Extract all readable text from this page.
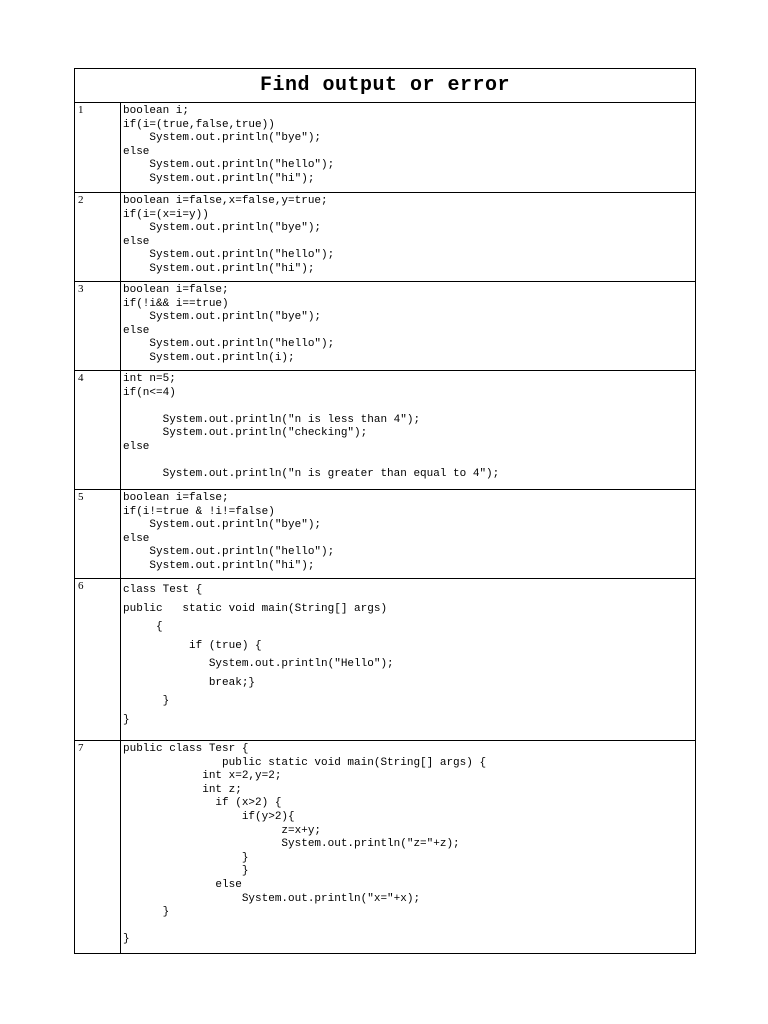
Find output or error
1	boolean i;
if(i=(true,false,true))
System.out.println("bye");
else
System.out.println("hello");
System.out.println("hi");
2	boolean i=false,x=false,y=true;
if(i=(x=i=y))
System.out.println("bye");
else
System.out.println("hello");
System.out.println("hi");
3	boolean i=false;
if(!i&& i==true)
System.out.println("bye");
else
System.out.println("hello");
System.out.println(i);
4	int n=5;
if(n<=4)
System.out.println("n is less than 4");
System.out.println("checking");
else
System.out.println("n is greater than equal to 4");
5	boolean i=false;
if(i!=true & !i!=false)
System.out.println("bye");
else
System.out.println("hello");
System.out.println("hi");
6	class Test {
public   static void main(String[] args)
{
if (true) {
System.out.println("Hello");
break;}
}
}
7	public class Tesr {
public static void main(String[] args) {
int x=2,y=2;
int z;
if (x>2) {
if(y>2){
z=x+y;
System.out.println("z="+z);
}
}
else
System.out.println("x="+x);
}
}
